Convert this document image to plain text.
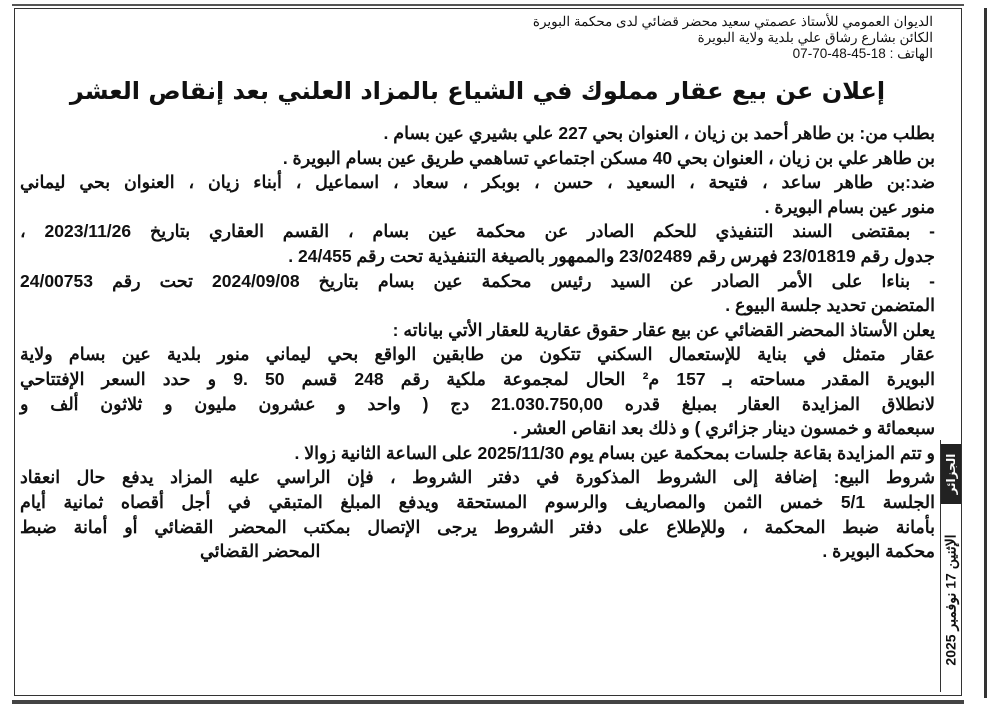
الديوان العمومي للأستاذ عصمتي سعيد محضر قضائي لدى محكمة البويرة
الكائن بشارع رشاق علي بلدية ولاية البويرة
الهاتف : 18-45-48-70-07
إعلان عن بيع عقار مملوك في الشياع بالمزاد العلني بعد إنقاص العشر
بطلب من: بن طاهر أحمد بن زيان ، العنوان بحي 227 علي بشيري عين بسام .
بن طاهر علي بن زيان ، العنوان بحي 40 مسكن اجتماعي تساهمي طريق عين بسام البويرة .
ضد:بن طاهر ساعد ، فتيحة ، السعيد ، حسن ، بوبكر ، سعاد ، اسماعيل ، أبناء زيان ، العنوان بحي ليماني
منور عين بسام البويرة .
- بمقتضى السند التنفيذي للحكم الصادر عن محكمة عين بسام ، القسم العقاري بتاريخ 2023/11/26 ،
جدول رقم 23/01819 فهرس رقم 23/02489 والممهور بالصيغة التنفيذية تحت رقم 24/455 .
- بناءا على الأمر الصادر عن السيد رئيس محكمة عين بسام بتاريخ 2024/09/08 تحت رقم 24/00753
المتضمن تحديد جلسة البيوع .
يعلن الأستاذ المحضر القضائي عن بيع عقار حقوق عقارية للعقار الأتي بياناته :
عقار متمثل في بناية للإستعمال السكني تتكون من طابقين الواقع بحي ليماني منور بلدية عين بسام ولاية
البويرة المقدر مساحته بـ 157 م² الحال لمجموعة ملكية رقم 248 قسم 50 .9 و حدد السعر الإفتتاحي
لانطلاق المزايدة العقار بمبلغ قدره 21.030.750,00 دج ( واحد و عشرون مليون و ثلاثون ألف و
سبعمائة و خمسون دينار جزائري ) و ذلك بعد انقاص العشر .
و تتم المزايدة بقاعة جلسات بمحكمة عين بسام يوم 2025/11/30 على الساعة الثانية زوالا .
شروط البيع: إضافة إلى الشروط المذكورة في دفتر الشروط ، فإن الراسي عليه المزاد يدفع حال انعقاد
الجلسة 5/1 خمس الثمن والمصاريف والرسوم المستحقة ويدفع المبلغ المتبقي في أجل أقصاه ثمانية أيام
بأمانة ضبط المحكمة ، وللإطلاع على دفتر الشروط يرجى الإتصال بمكتب المحضر القضائي أو أمانة ضبط
محكمة البويرة .
المحضر القضائي
الجزائر
الإثنين 17 نوفمبر 2025
